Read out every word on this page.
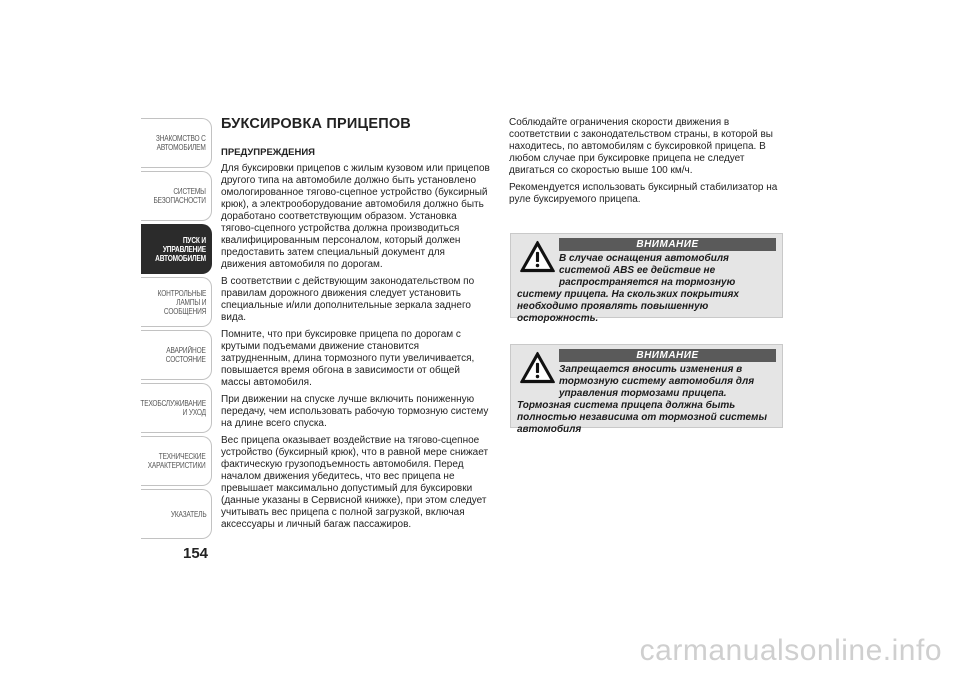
ЗНАКОМСТВО С
АВТОМОБИЛЕМ
СИСТЕМЫ
БЕЗОПАСНОСТИ
ПУСК И
УПРАВЛЕНИЕ
АВТОМОБИЛЕМ
КОНТРОЛЬНЫЕ
ЛАМПЫ И
СООБЩЕНИЯ
АВАРИЙНОЕ
СОСТОЯНИЕ
ТЕХОБСЛУЖИВАНИЕ
И УХОД
ТЕХНИЧЕСКИЕ
ХАРАКТЕРИСТИКИ
УКАЗАТЕЛЬ
154
БУКСИРОВКА ПРИЦЕПОВ
ПРЕДУПРЕЖДЕНИЯ

Для буксировки прицепов с жилым кузовом или прицепов другого типа на автомобиле должно быть установлено омологированное тягово-сцепное устройство (буксирный крюк), а электрооборудование автомобиля должно быть доработано соответствующим образом. Установка тягово-сцепного устройства должна производиться квалифицированным персоналом, который должен предоставить затем специальный документ для движения автомобиля по дорогам.

В соответствии с действующим законодательством по правилам дорожного движения следует установить специальные и/или дополнительные зеркала заднего вида.

Помните, что при буксировке прицепа по дорогам с крутыми подъемами движение становится затрудненным, длина тормозного пути увеличивается, повышается время обгона в зависимости от общей массы автомобиля.

При движении на спуске лучше включить пониженную передачу, чем использовать рабочую тормозную систему на длине всего спуска.

Вес прицепа оказывает воздействие на тягово-сцепное устройство (буксирный крюк), что в равной мере снижает фактическую грузоподъемность автомобиля. Перед началом движения убедитесь, что вес прицепа не превышает максимально допустимый для буксировки (данные указаны в Сервисной книжке), при этом следует учитывать вес прицепа с полной загрузкой, включая аксессуары и личный багаж пассажиров.

Соблюдайте ограничения скорости движения в соответствии с законодательством страны, в которой вы находитесь, по автомобилям с буксировкой прицепа. В любом случае при буксировке прицепа не следует двигаться со скоростью выше 100 км/ч.

Рекомендуется использовать буксирный стабилизатор на руле буксируемого прицепа.

ВНИМАНИЕ
В случае оснащения автомобиля системой ABS ее действие не распространяется на тормозную систему прицепа. На скользких покрытиях необходимо проявлять повышенную осторожность.
ВНИМАНИЕ
Запрещается вносить изменения в тормозную систему автомобиля для управления тормозами прицепа. Тормозная система прицепа должна быть полностью независима от тормозной системы автомобиля
carmanualsonline.info
